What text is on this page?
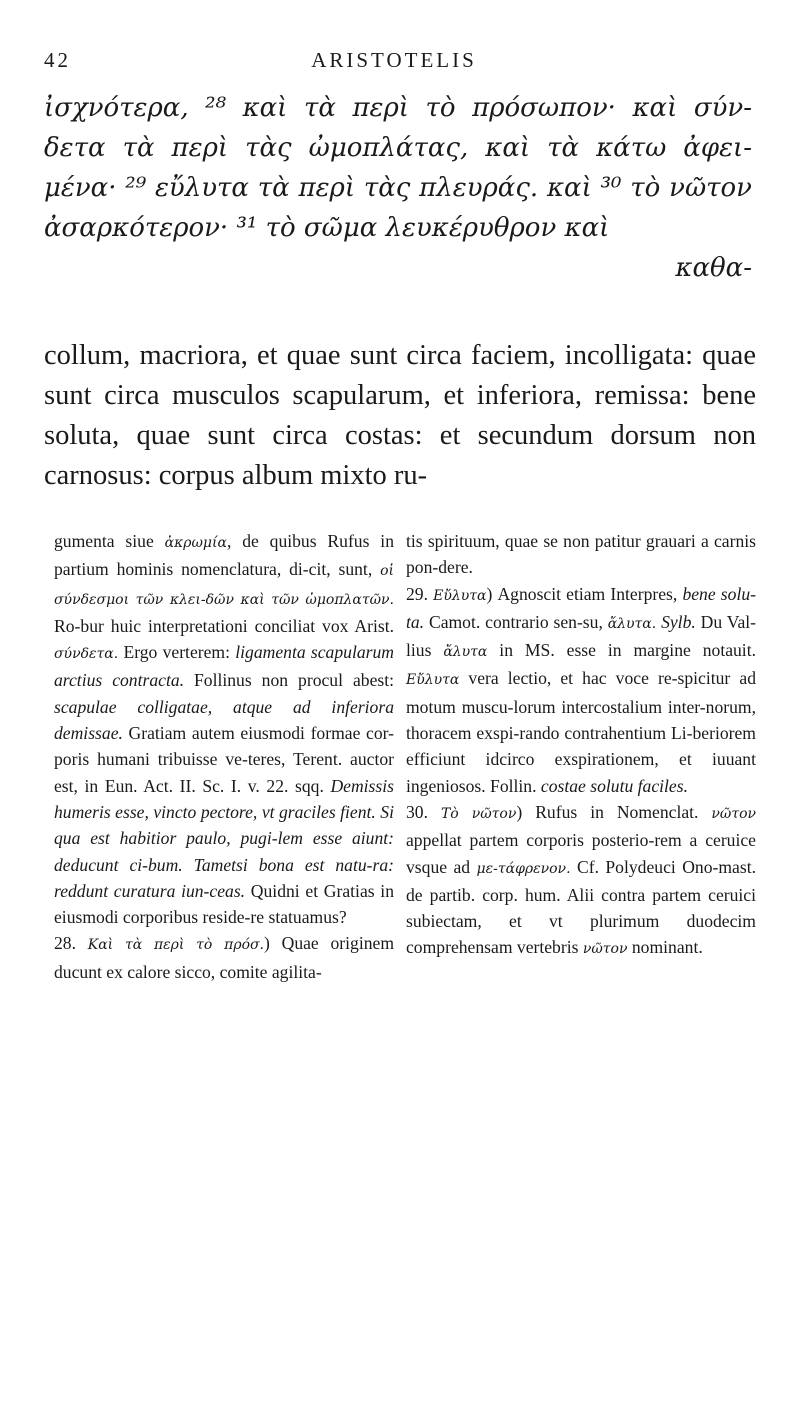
42	ARISTOTELIS
ἰσχνότερα, ²⁸ καὶ τὰ περὶ τὸ πρόσωπον· καὶ σύν- δετα τὰ περὶ τὰς ὠμοπλάτας, καὶ τὰ κάτω ἀφει- μένα· ²⁹ εὔλυτα τὰ περὶ τὰς πλευράς. καὶ ³⁰ τὸ νῶτον ἀσαρκότερον· ³¹ τὸ σῶμα λευκέρυθρον καὶ
καθα-
collum, macriora, et quae sunt circa faciem, incolligata: quae sunt circa musculos scapularum, et inferiora, remissa: bene soluta, quae sunt circa costas: et secundum dorsum non carnosus: corpus album mixto ru-

gumenta siue ἀκρωμία, de quibus Rufus in partium hominis nomenclatura, di-cit, sunt, οἱ σύνδεσμοι τῶν κλει-δῶν καὶ τῶν ὠμοπλατῶν. Ro-bur huic interpretationi conciliat vox Arist. σύνδετα. Ergo verterem: ligamenta scapularum arctius contracta. Follinus non procul abest: scapulae colligatae, atque ad inferiora demissae. Gratiam autem eiusmodi formae cor-poris humani tribuisse ve-teres, Terent. auctor est, in Eun. Act. II. Sc. I. v. 22. sqq. Demissis humeris esse, vincto pectore, vt graciles fient. Si qua est habitior paulo, pugi-lem esse aiunt: deducunt ci-bum. Tametsi bona est natu-ra: reddunt curatura iun-ceas. Quidni et Gratias in eiusmodi corporibus reside-re statuamus?

28. Καὶ τὰ περὶ τὸ πρόσ.) Quae originem ducunt ex calore sicco, comite agilita-

tis spirituum, quae se non patitur grauari a carnis pon-dere.

29. Εὔλυτα) Agnoscit etiam Interpres, bene solu-ta. Camot. contrario sen-su, ἄλυτα. Sylb. Du Val-lius ἄλυτα in MS. esse in margine notauit. Εὔλυτα vera lectio, et hac voce re-spicitur ad motum muscu-lorum intercostalium inter-norum, thoracem exspi-rando contrahentium Li-beriorem efficiunt idcirco exspirationem, et iuuant ingeniosos. Follin. costae solutu faciles.

30. Τὸ νῶτον) Rufus in Nomenclat. νῶτον appellat partem corporis posterio-rem a ceruice vsque ad με-τάφρενον. Cf. Polydeuci Ono-mast. de partib. corp. hum. Alii contra partem ceruici subiectam, et vt plurimum duodecim comprehensam vertebris νῶτον nominant.
